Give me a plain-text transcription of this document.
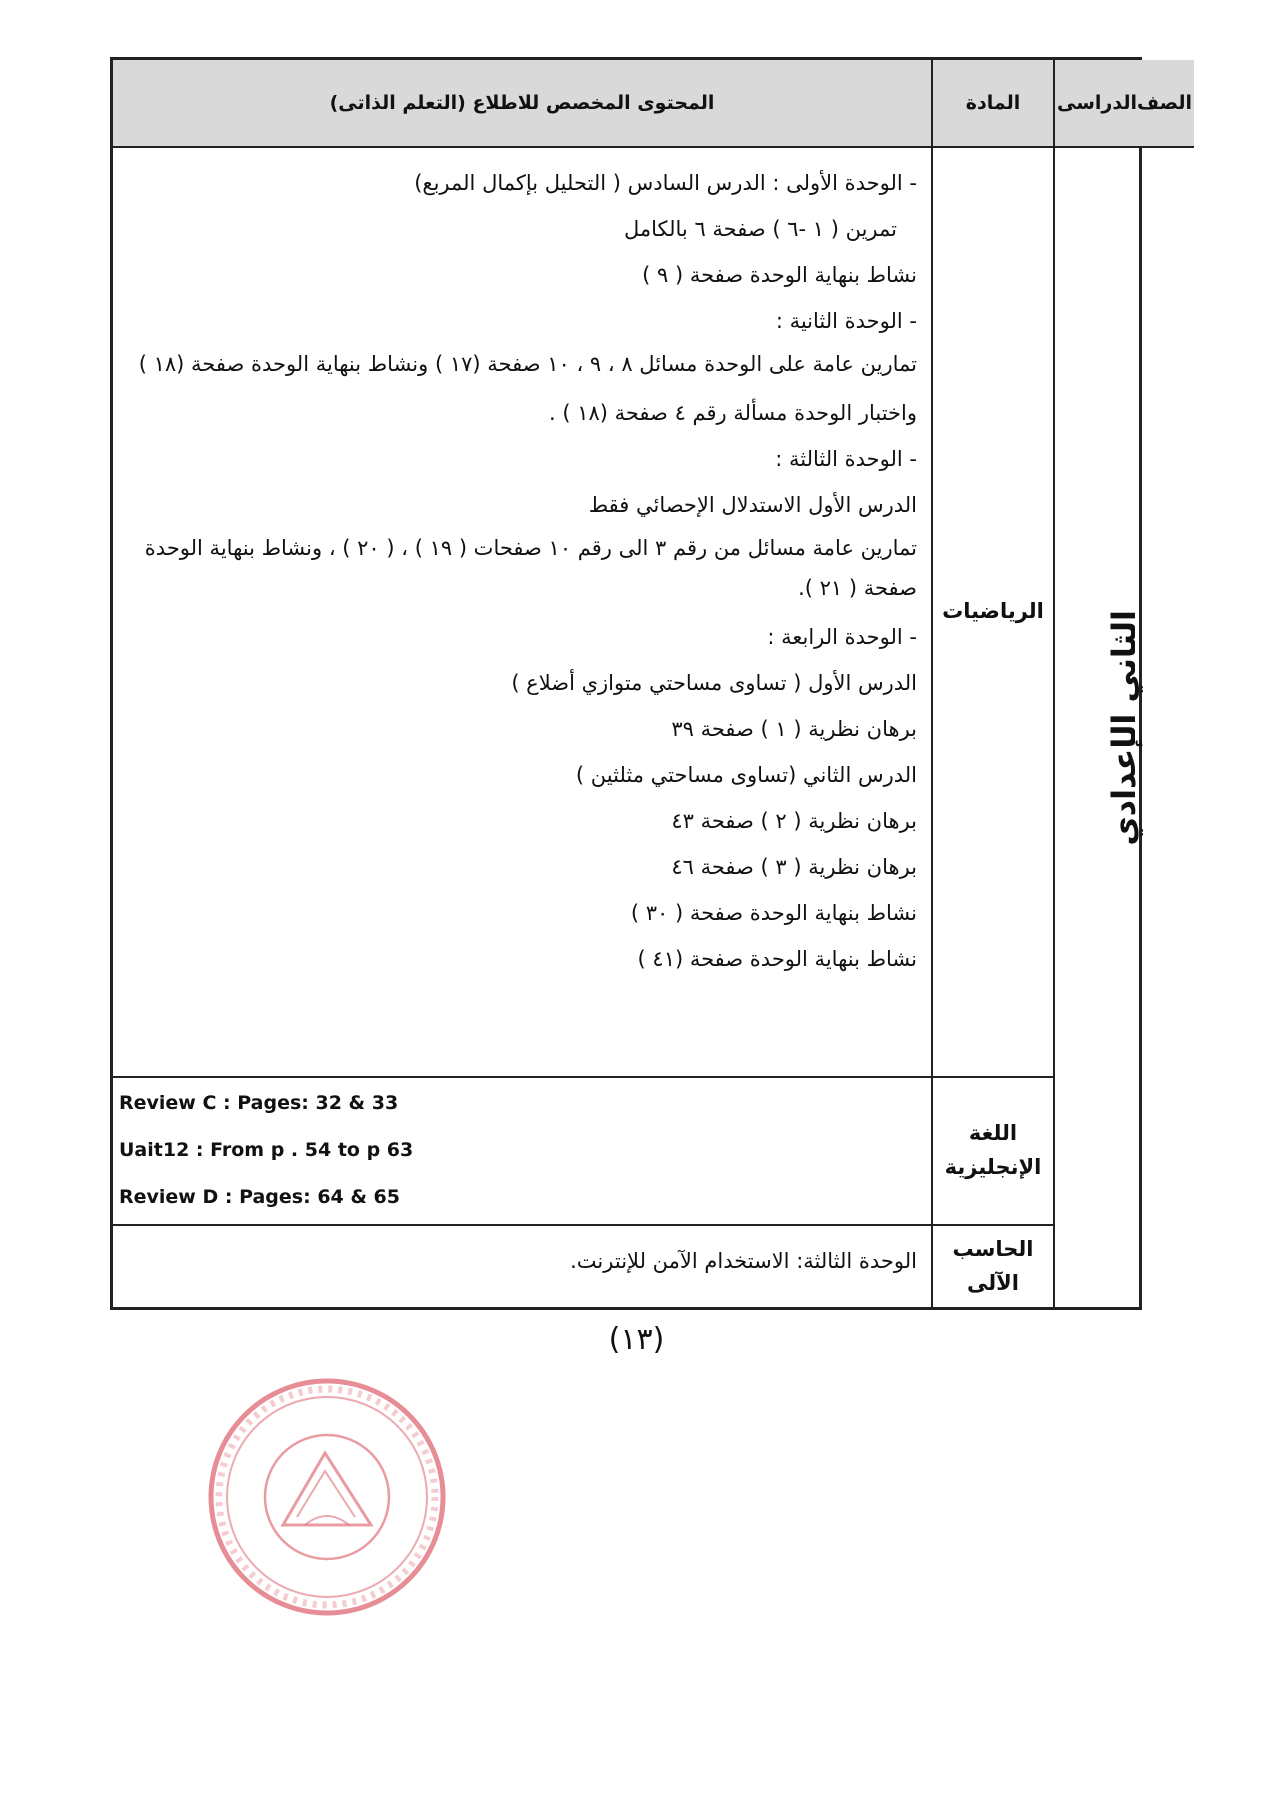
المحتوى المخصص للاطلاع (التعلم الذاتى)	المادة	الصف

الدراسى
الثاني الإعدادي
الرياضيات
- الوحدة الأولى : الدرس السادس ( التحليل بإكمال المربع)
تمرين ( ١ -٦ ) صفحة ٦ بالكامل
نشاط بنهاية الوحدة صفحة ( ٩ )
- الوحدة الثانية :
تمارين عامة على الوحدة مسائل ٨ ، ٩ ، ١٠ صفحة (١٧ ) ونشاط بنهاية الوحدة صفحة (١٨ )
واختبار الوحدة مسألة رقم ٤ صفحة (١٨ ) .
- الوحدة الثالثة :
الدرس الأول الاستدلال الإحصائي فقط
تمارين عامة مسائل من رقم ٣ الى رقم ١٠ صفحات ( ١٩ ) ، ( ٢٠ ) ، ونشاط بنهاية الوحدة صفحة ( ٢١ ).
- الوحدة الرابعة :
الدرس الأول ( تساوى مساحتي متوازي أضلاع )
برهان نظرية ( ١ ) صفحة ٣٩
الدرس الثاني (تساوى مساحتي مثلثين )
برهان نظرية ( ٢ ) صفحة ٤٣
برهان نظرية ( ٣ ) صفحة ٤٦
نشاط بنهاية الوحدة صفحة ( ٣٠ )
نشاط بنهاية الوحدة صفحة (٤١ )
اللغة
الإنجليزية
Review C : Pages: 32 & 33
Uait12 : From p . 54 to p 63
Review D : Pages: 64 & 65
الحاسب الآلى
الوحدة الثالثة: الاستخدام الآمن للإنترنت.
(١٣)
